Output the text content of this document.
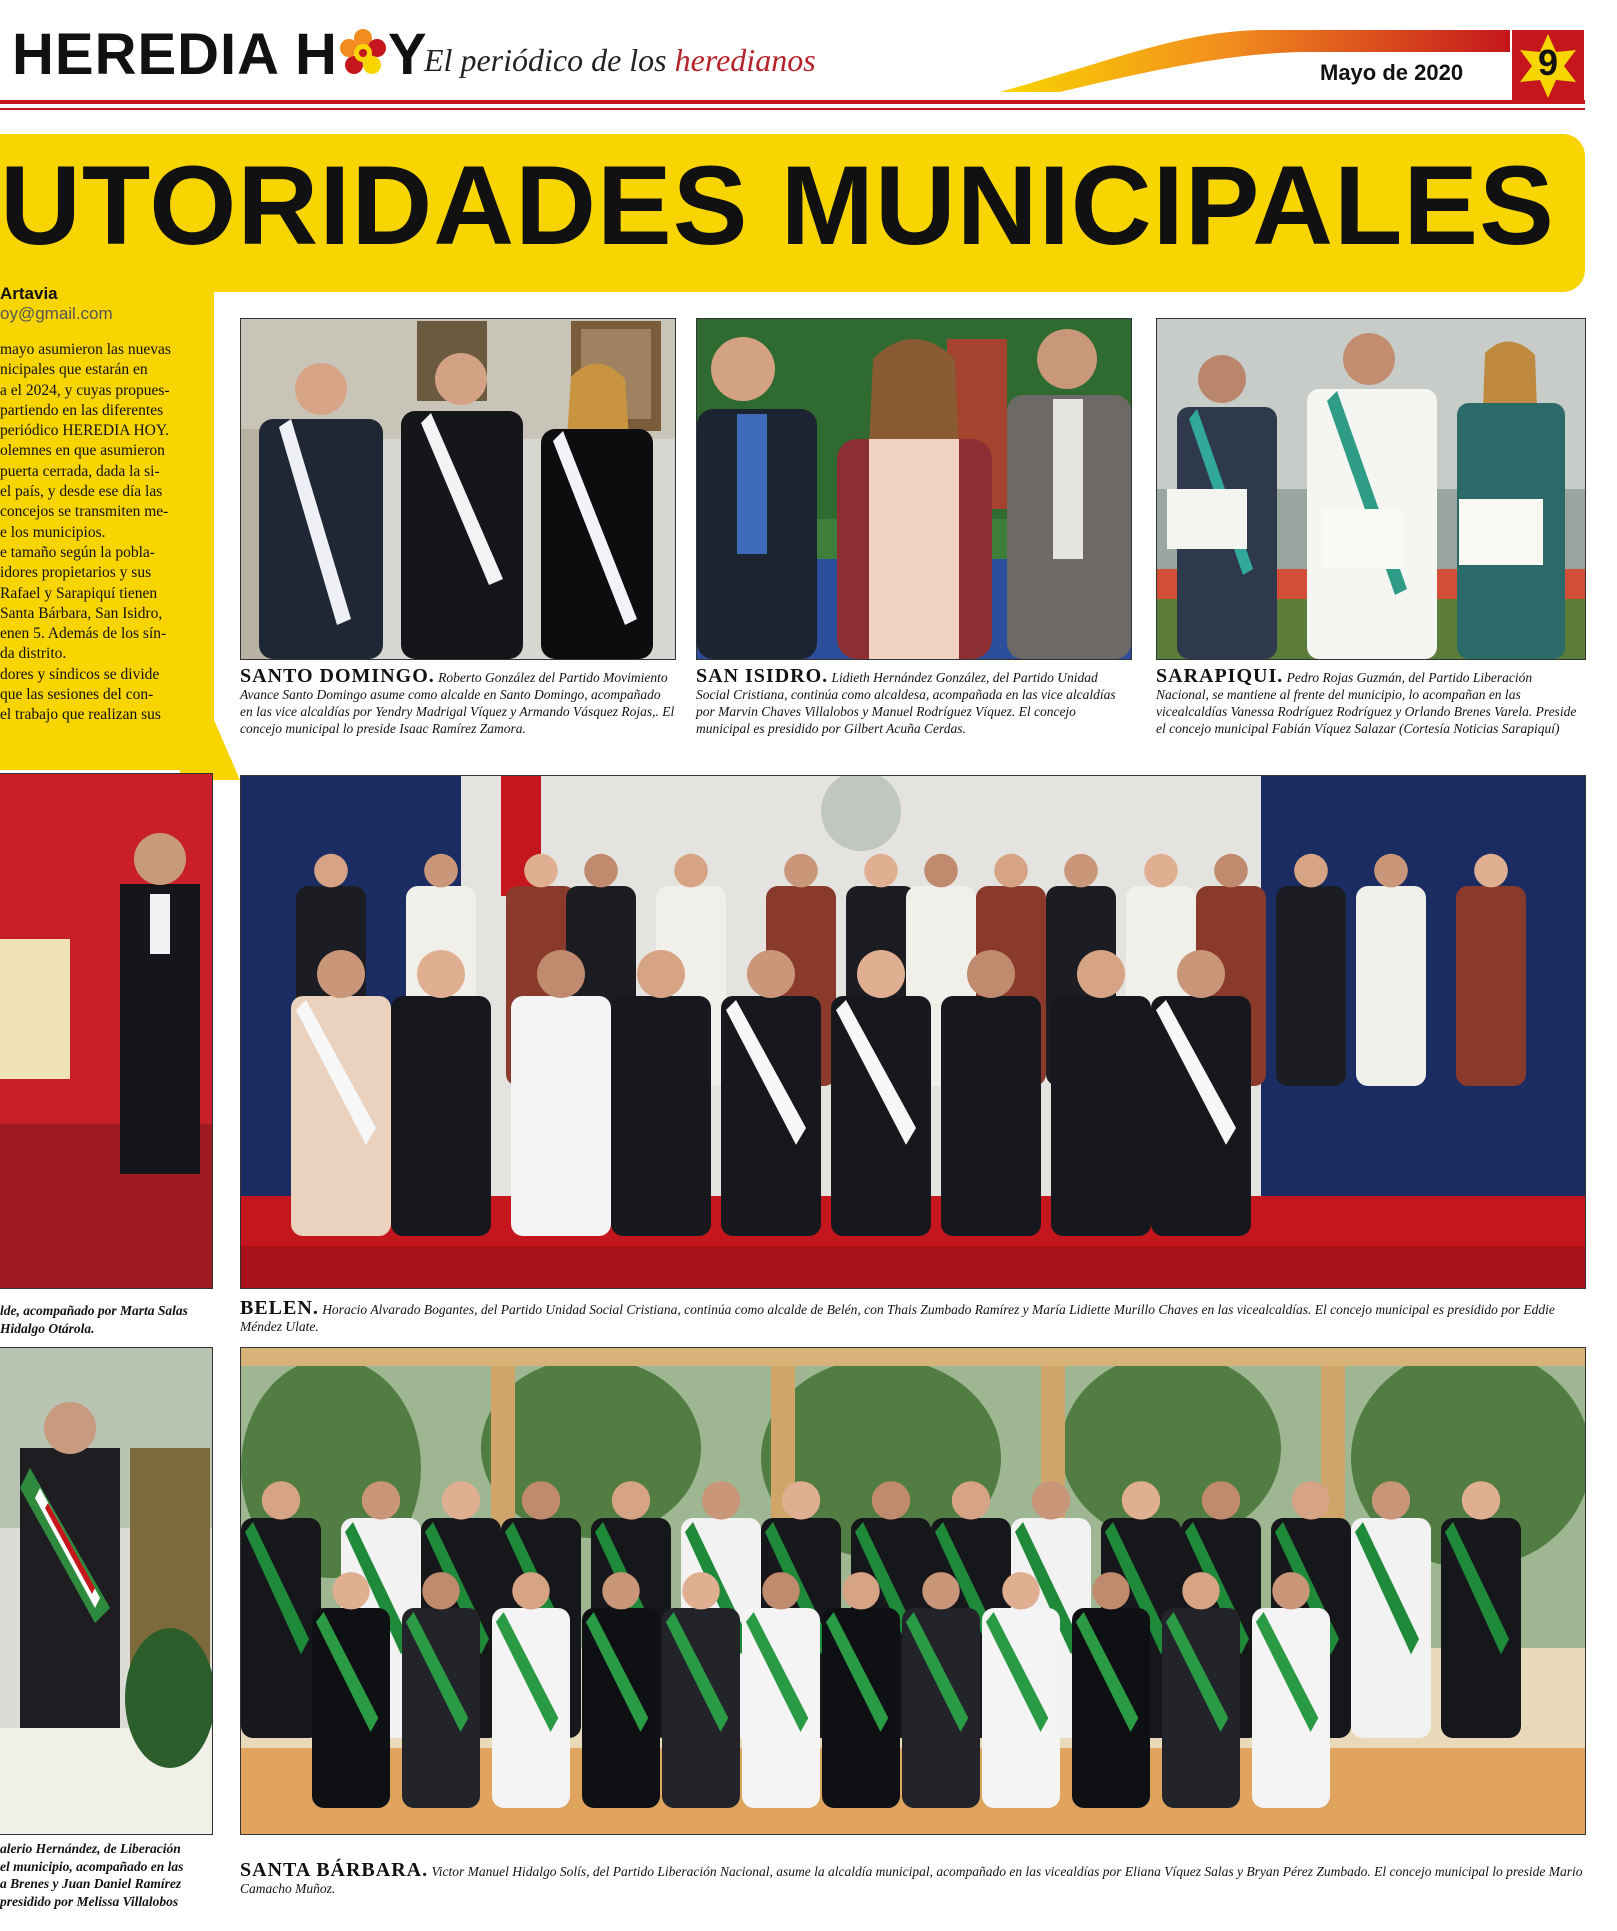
HEREDIA H Y
El periódico de los heredianos	Mayo de 2020	9
UTORIDADES MUNICIPALES
Artavia
oy@gmail.com

mayo asumieron las nuevas

nicipales que estarán en

a el 2024, y cuyas propues-

partiendo en las diferentes

periódico HEREDIA HOY.

olemnes en que asumieron

puerta cerrada, dada la si-

el país, y desde ese día las

concejos se transmiten me-

e los municipios.

e tamaño según la pobla-

idores propietarios y sus

Rafael y Sarapiquí tienen

Santa Bárbara, San Isidro,

enen 5. Además de los sín-

da distrito.

dores y síndicos se divide

que las sesiones del con-

el trabajo que realizan sus

lde, acompañado por Marta Salas
Hidalgo Otárola.
alerio Hernández, de Liberación
el municipio, acompañado en las
a Brenes y Juan Daniel Ramírez
presidido por Melissa Villalobos
SANTO DOMINGO. Roberto González del Partido Movimiento Avance Santo Domingo asume como alcalde en Santo Domingo, acompañado en las vice alcaldías por Yendry Madrigal Víquez y Armando Vásquez Rojas,. El concejo municipal lo preside Isaac Ramírez Zamora.
SAN ISIDRO. Lidieth Hernández González, del Partido Unidad Social Cristiana, continúa como alcaldesa, acompañada en las vice alcaldías por Marvin Chaves Villalobos y Manuel Rodríguez Víquez. El concejo municipal es presidido por Gilbert Acuña Cerdas.
SARAPIQUI. Pedro Rojas Guzmán, del Partido Liberación Nacional, se mantiene al frente del municipio, lo acompañan en las vicealcaldías Vanessa Rodríguez Rodríguez y Orlando Brenes Varela. Preside el concejo municipal Fabián Víquez Salazar (Cortesía Noticias Sarapiquí)
BELEN. Horacio Alvarado Bogantes, del Partido Unidad Social Cristiana, continúa como alcalde de Belén, con Thais Zumbado Ramírez y María Lidiette Murillo Chaves en las vicealcaldías. El concejo municipal es presidido por Eddie Méndez Ulate.
SANTA BÁRBARA. Victor Manuel Hidalgo Solís, del Partido Liberación Nacional, asume la alcaldía municipal, acompañado en las vicealdías por Eliana Víquez Salas y Bryan Pérez Zumbado. El concejo municipal lo preside Mario Camacho Muñoz.
